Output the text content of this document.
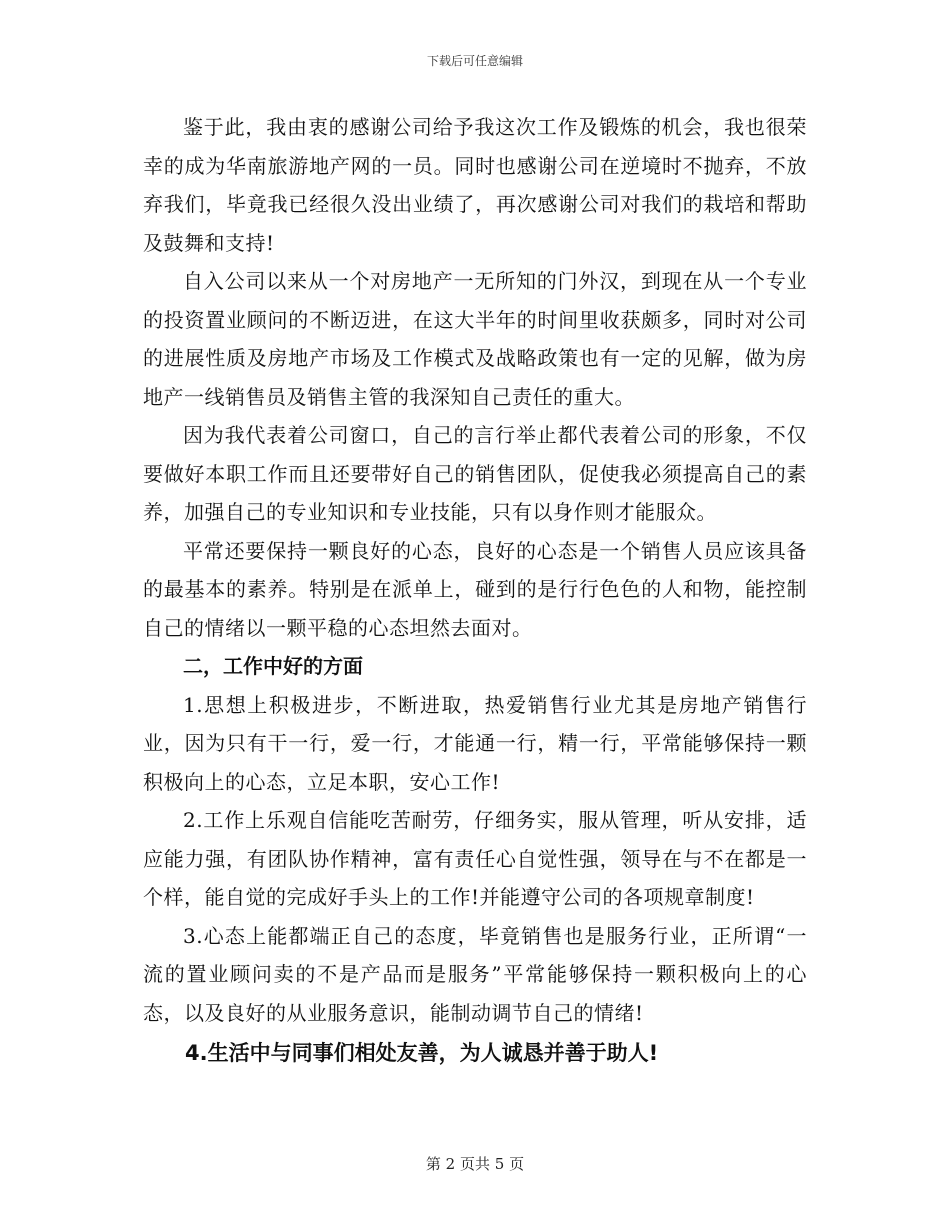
下载后可任意编辑

鉴于此，我由衷的感谢公司给予我这次工作及锻炼的机会，我也很荣幸的成为华南旅游地产网的一员。同时也感谢公司在逆境时不抛弃，不放弃我们，毕竟我已经很久没出业绩了，再次感谢公司对我们的栽培和帮助及鼓舞和支持!

自入公司以来从一个对房地产一无所知的门外汉，到现在从一个专业的投资置业顾问的不断迈进，在这大半年的时间里收获颇多，同时对公司的进展性质及房地产市场及工作模式及战略政策也有一定的见解，做为房地产一线销售员及销售主管的我深知自己责任的重大。

因为我代表着公司窗口，自己的言行举止都代表着公司的形象，不仅要做好本职工作而且还要带好自己的销售团队，促使我必须提高自己的素养，加强自己的专业知识和专业技能，只有以身作则才能服众。

平常还要保持一颗良好的心态，良好的心态是一个销售人员应该具备的最基本的素养。特别是在派单上，碰到的是行行色色的人和物，能控制自己的情绪以一颗平稳的心态坦然去面对。

二，工作中好的方面

1.思想上积极进步，不断进取，热爱销售行业尤其是房地产销售行业，因为只有干一行，爱一行，才能通一行，精一行，平常能够保持一颗积极向上的心态，立足本职，安心工作!

2.工作上乐观自信能吃苦耐劳，仔细务实，服从管理，听从安排，适应能力强，有团队协作精神，富有责任心自觉性强，领导在与不在都是一个样，能自觉的完成好手头上的工作!并能遵守公司的各项规章制度!

3.心态上能都端正自己的态度，毕竟销售也是服务行业，正所谓“一流的置业顾问卖的不是产品而是服务”平常能够保持一颗积极向上的心态，以及良好的从业服务意识，能制动调节自己的情绪!

4.生活中与同事们相处友善，为人诚恳并善于助人!

第 2 页共 5 页
